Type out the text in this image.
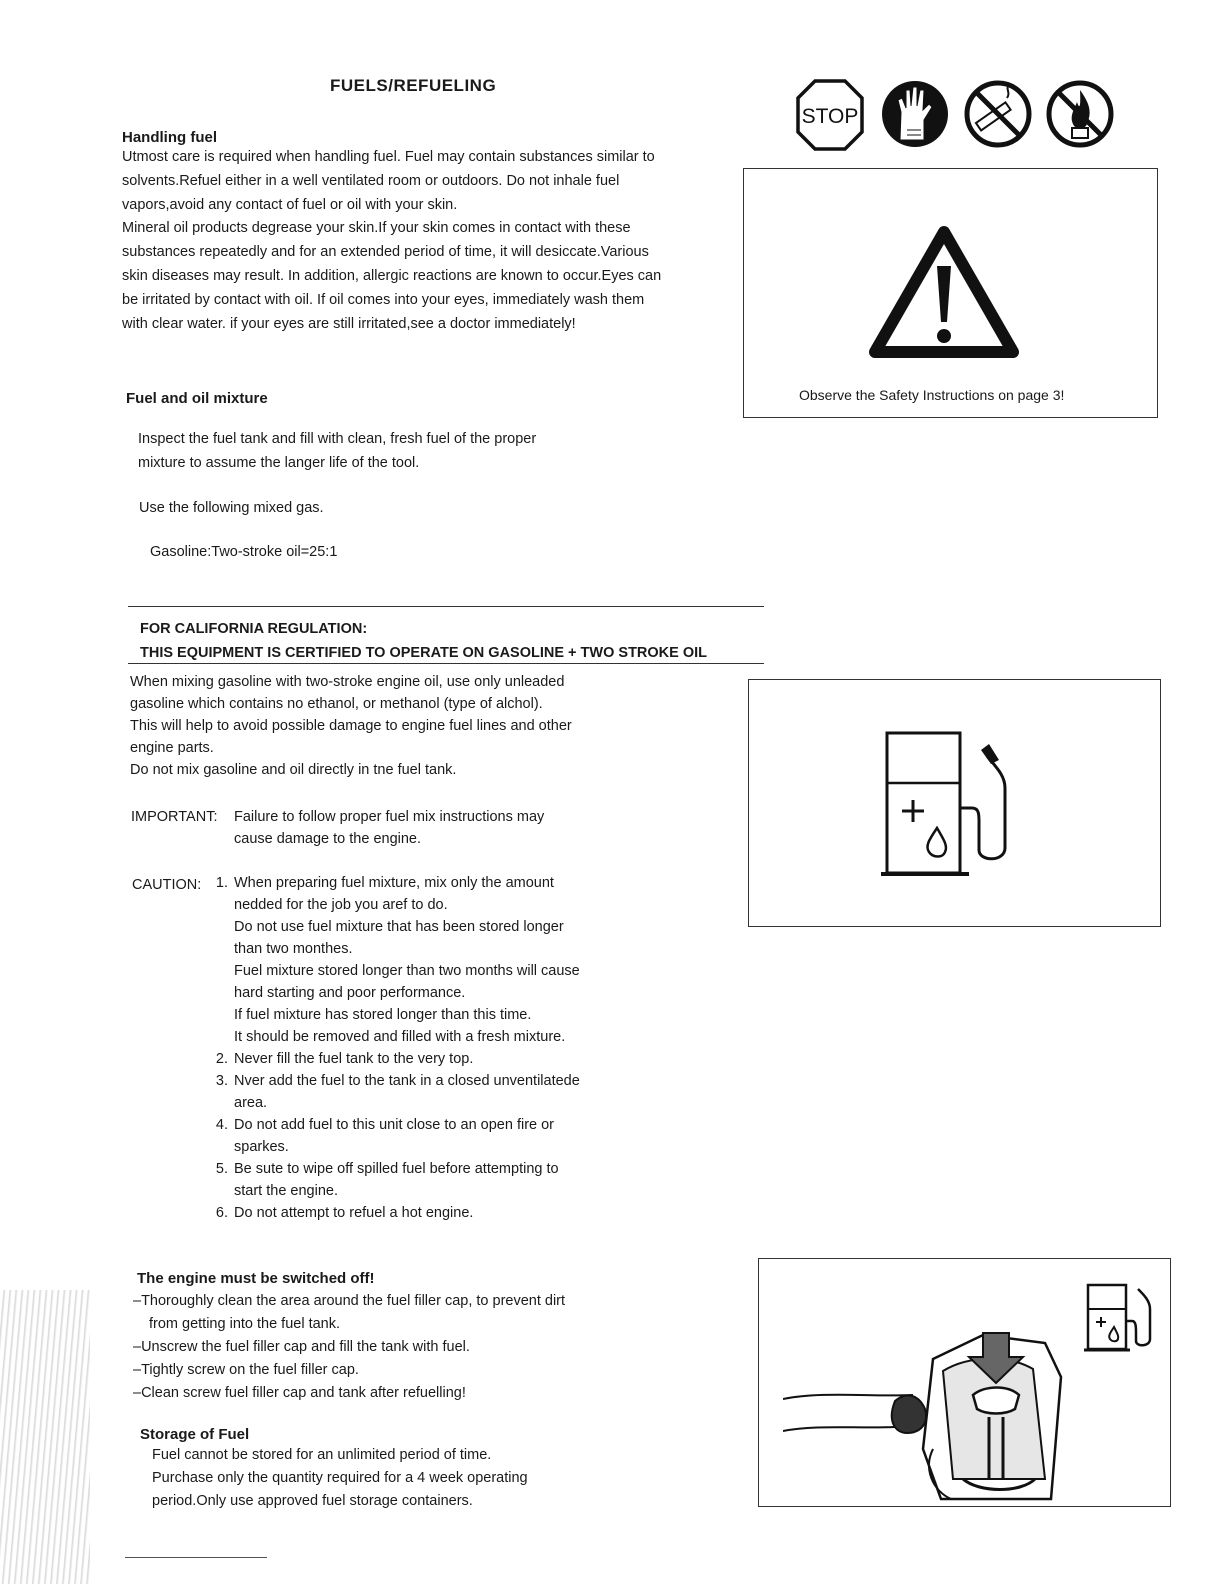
FUELS/REFUELING
Handling fuel
Utmost care is required when handling fuel. Fuel may contain substances similar to
solvents.Refuel either in a well ventilated room or outdoors. Do not inhale fuel
vapors,avoid any contact of fuel or oil with your skin.
Mineral oil products degrease your skin.If your skin comes in contact with these
substances repeatedly and for an extended period of time, it will desiccate.Various
skin diseases may result. In addition, allergic reactions are known to occur.Eyes can
be irritated by contact with oil. If oil comes into your eyes, immediately wash them
with clear water. if your eyes are still irritated,see a doctor immediately!
STOP
Observe the Safety Instructions on page 3!
Fuel and oil mixture
Inspect the fuel tank and fill with clean, fresh fuel of the proper
mixture to assume the langer life of the tool.
Use the following mixed gas.
Gasoline:Two-stroke oil=25:1
FOR CALIFORNIA REGULATION:
THIS EQUIPMENT IS CERTIFIED TO OPERATE ON GASOLINE + TWO STROKE OIL
When mixing gasoline with two-stroke engine oil, use only unleaded
gasoline which contains no ethanol, or methanol (type of alchol).
This will help to avoid possible damage to engine fuel lines and other
engine parts.
Do not mix gasoline and oil directly in tne fuel tank.
IMPORTANT: Failure to follow proper fuel mix instructions may
cause damage to the engine.
CAUTION:	1. When preparing fuel mixture, mix only the amount
nedded for the job you aref to do.
Do not use fuel mixture that has been stored longer
than two monthes.
Fuel mixture stored longer than two months will cause
hard starting and poor performance.
If fuel mixture has stored longer than this time.
It should be removed and filled with a fresh mixture.
2. Never fill the fuel tank to the very top.
3. Nver add the fuel to the tank in a closed unventilatede
area.
4. Do not add fuel to this unit close to an open fire or
sparkes.
5. Be sute to wipe off spilled fuel before attempting to
start the engine.
6. Do not attempt to refuel a hot engine.
The engine must be switched off!
–Thoroughly clean the area around the fuel filler cap, to prevent dirt
from getting into the fuel tank.
–Unscrew the fuel filler cap and fill the tank with fuel.
–Tightly screw on the fuel filler cap.
–Clean screw fuel filler cap and tank after refuelling!
Storage of Fuel
Fuel cannot be stored for an unlimited period of time.
Purchase only the quantity required for a 4 week operating
period.Only use approved fuel storage containers.
